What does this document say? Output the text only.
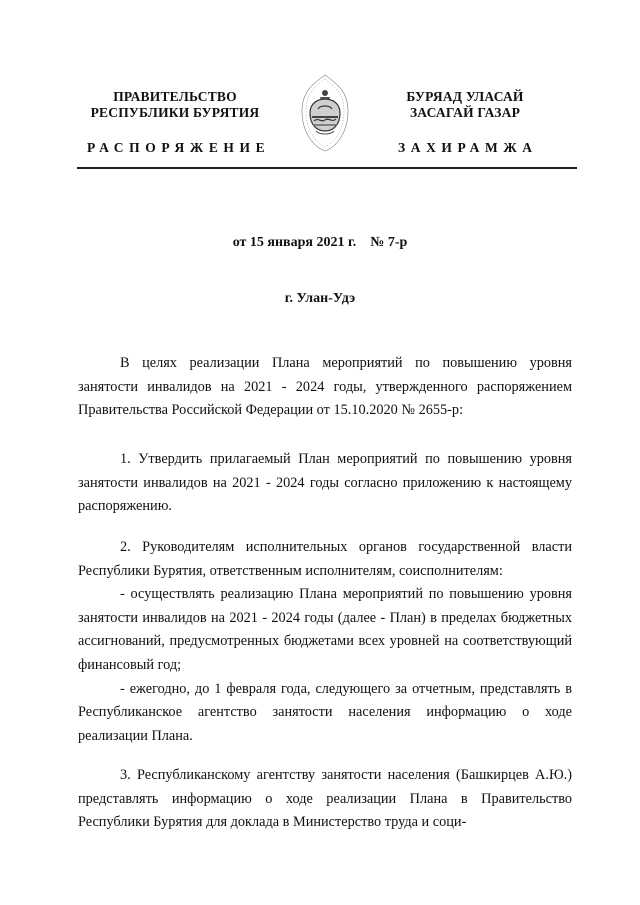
ПРАВИТЕЛЬСТВО
РЕСПУБЛИКИ БУРЯТИЯ
БУРЯАД УЛАСАЙ
ЗАСАГАЙ ГАЗАР
РАСПОРЯЖЕНИЕ	ЗАХИРАМЖА
от 15 января 2021 г. № 7-р
г. Улан-Удэ
В целях реализации Плана мероприятий по повышению уровня занятости инвалидов на 2021 - 2024 годы, утвержденного распоряжением Правительства Российской Федерации от 15.10.2020 № 2655-р:
1. Утвердить прилагаемый План мероприятий по повышению уровня занятости инвалидов на 2021 - 2024 годы согласно приложению к настоящему распоряжению.
2. Руководителям исполнительных органов государственной власти Республики Бурятия, ответственным исполнителям, соисполнителям:
- осуществлять реализацию Плана мероприятий по повышению уровня занятости инвалидов на 2021 - 2024 годы (далее - План) в пределах бюджетных ассигнований, предусмотренных бюджетами всех уровней на соответствующий финансовый год;
- ежегодно, до 1 февраля года, следующего за отчетным, представлять в Республиканское агентство занятости населения информацию о ходе реализации Плана.
3. Республиканскому агентству занятости населения (Башкирцев А.Ю.) представлять информацию о ходе реализации Плана в Правительство Республики Бурятия для доклада в Министерство труда и соци-
